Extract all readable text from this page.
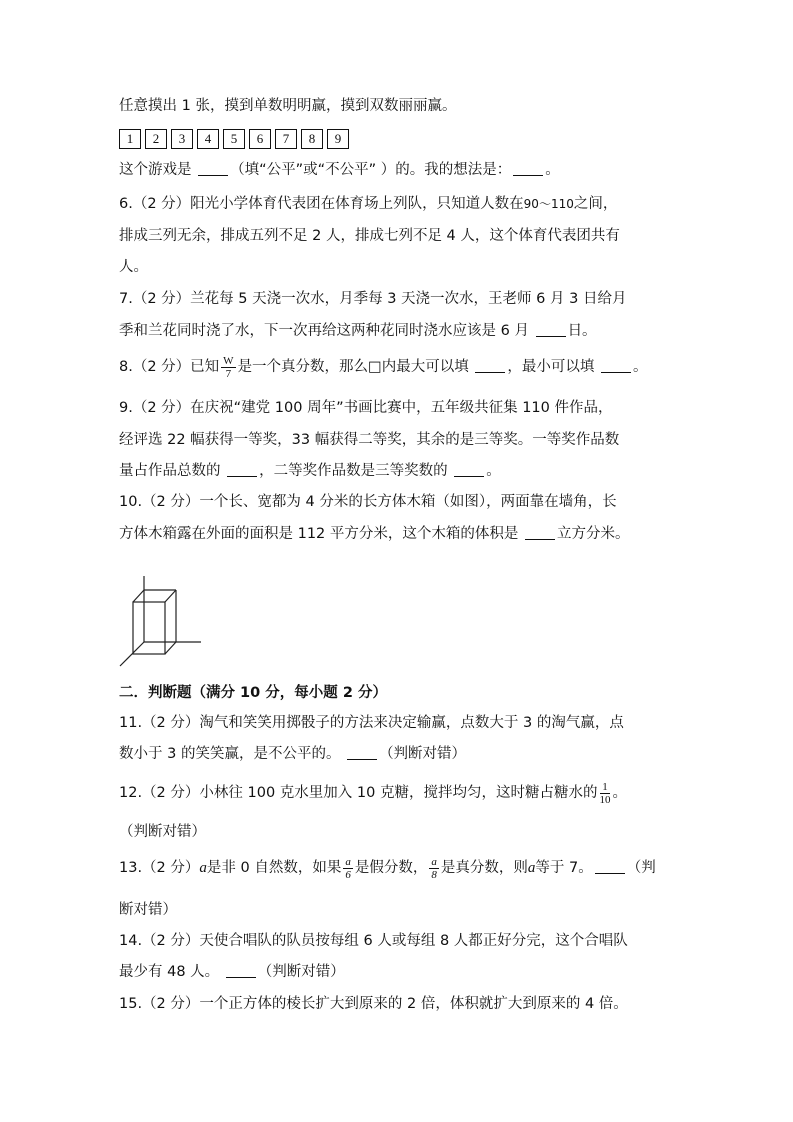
任意摸出 1 张，摸到单数明明赢，摸到双数丽丽赢。
1	2	3	4	5	6	7	8	9
这个游戏是 （填“公平”或“不公平” ）的。我的想法是： 。
6.（2 分）阳光小学体育代表团在体育场上列队，只知道人数在90～110之间，
排成三列无余，排成五列不足 2 人，排成七列不足 4 人，这个体育代表团共有
人。
7.（2 分）兰花每 5 天浇一次水，月季每 3 天浇一次水，王老师 6 月 3 日给月
季和兰花同时浇了水，下一次再给这两种花同时浇水应该是 6 月 日。
8.（2 分）已知 $\frac{W}{7}$ 是一个真分数，那么□内最大可以填 ，最小可以填 。
9.（2 分）在庆祝“建党 100 周年”书画比赛中，五年级共征集 110 件作品，
经评选 22 幅获得一等奖，33 幅获得二等奖，其余的是三等奖。一等奖作品数
量占作品总数的 ，二等奖作品数是三等奖数的 。
10.（2 分）一个长、宽都为 4 分米的长方体木箱（如图），两面靠在墙角，长
方体木箱露在外面的面积是 112 平方分米，这个木箱的体积是 立方分米。
二．判断题（满分 10 分，每小题 2 分）
11.（2 分）淘气和笑笑用掷骰子的方法来决定输赢，点数大于 3 的淘气赢，点
数小于 3 的笑笑赢，是不公平的。 （判断对错）
12.（2 分）小林往 100 克水里加入 10 克糖，搅拌均匀，这时糖占糖水的 $\frac{1}{10}$ 。
（判断对错）
13.（2 分）a是非 0 自然数，如果 $\frac{a}{6}$ 是假分数， $\frac{a}{8}$ 是真分数，则a等于 7。 （判
断对错）
14.（2 分）天使合唱队的队员按每组 6 人或每组 8 人都正好分完，这个合唱队
最少有 48 人。 （判断对错）
15.（2 分）一个正方体的棱长扩大到原来的 2 倍，体积就扩大到原来的 4 倍。
